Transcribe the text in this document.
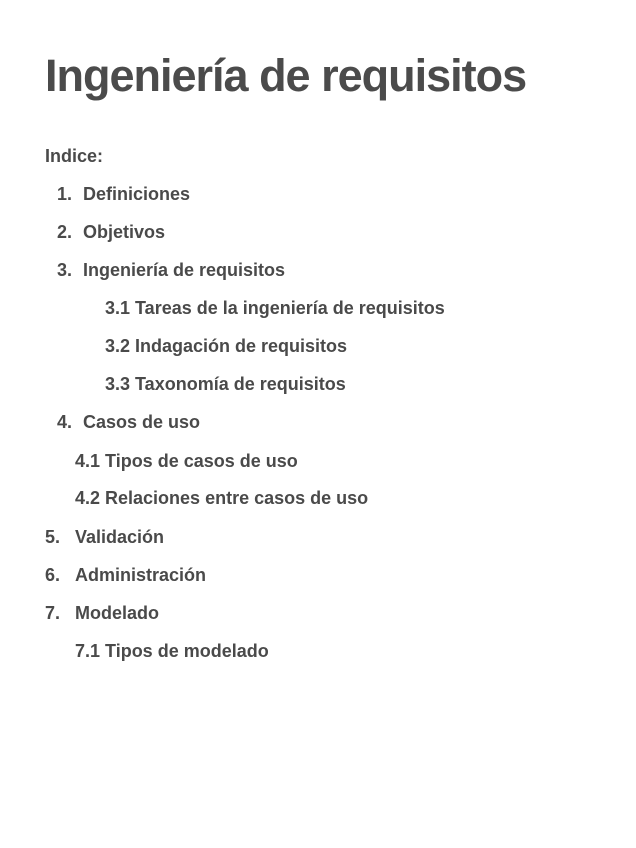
Ingeniería de requisitos
Indice:
1. Definiciones
2. Objetivos
3. Ingeniería de requisitos
3.1 Tareas de la ingeniería de requisitos
3.2 Indagación de requisitos
3.3 Taxonomía de requisitos
4. Casos de uso
4.1 Tipos de casos de uso
4.2 Relaciones entre casos de uso
5. Validación
6. Administración
7. Modelado
7.1 Tipos de modelado
